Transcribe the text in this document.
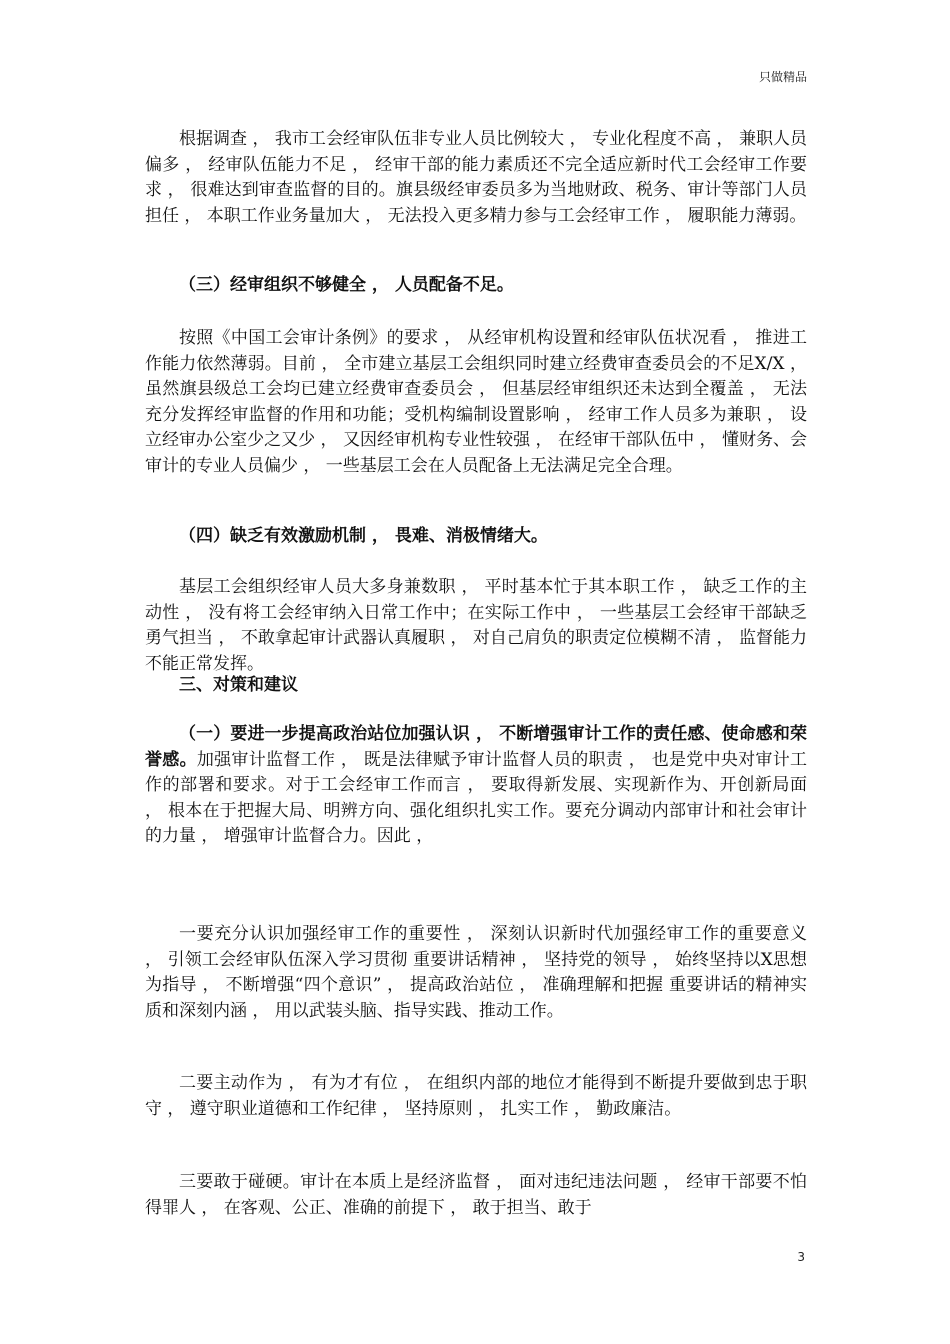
只做精品

根据调查 ， 我市工会经审队伍非专业人员比例较大 ， 专业化程度不高 ， 兼职人员偏多 ， 经审队伍能力不足 ， 经审干部的能力素质还不完全适应新时代工会经审工作要求 ， 很难达到审查监督的目的。旗县级经审委员多为当地财政、税务、审计等部门人员担任 ， 本职工作业务量加大 ， 无法投入更多精力参与工会经审工作 ， 履职能力薄弱。

（三）经审组织不够健全 ， 人员配备不足。

按照《中国工会审计条例》的要求 ， 从经审机构设置和经审队伍状况看 ， 推进工作能力依然薄弱。目前 ， 全市建立基层工会组织同时建立经费审查委员会的不足X/X ， 虽然旗县级总工会均已建立经费审查委员会 ， 但基层经审组织还未达到全覆盖 ， 无法充分发挥经审监督的作用和功能；受机构编制设置影响 ， 经审工作人员多为兼职 ， 设立经审办公室少之又少 ， 又因经审机构专业性较强 ， 在经审干部队伍中 ， 懂财务、会审计的专业人员偏少 ， 一些基层工会在人员配备上无法满足完全合理。

（四）缺乏有效激励机制 ， 畏难、消极情绪大。

基层工会组织经审人员大多身兼数职 ， 平时基本忙于其本职工作 ， 缺乏工作的主动性 ， 没有将工会经审纳入日常工作中；在实际工作中 ， 一些基层工会经审干部缺乏勇气担当 ， 不敢拿起审计武器认真履职 ， 对自己肩负的职责定位模糊不清 ， 监督能力不能正常发挥。

三、对策和建议

（一）要进一步提高政治站位加强认识 ， 不断增强审计工作的责任感、使命感和荣誉感。加强审计监督工作 ， 既是法律赋予审计监督人员的职责 ， 也是党中央对审计工作的部署和要求。对于工会经审工作而言 ， 要取得新发展、实现新作为、开创新局面 ， 根本在于把握大局、明辨方向、强化组织扎实工作。要充分调动内部审计和社会审计的力量 ， 增强审计监督合力。因此 ，

一要充分认识加强经审工作的重要性 ， 深刻认识新时代加强经审工作的重要意义 ， 引领工会经审队伍深入学习贯彻 重要讲话精神 ， 坚持党的领导 ， 始终坚持以X思想为指导 ， 不断增强“四个意识” ， 提高政治站位 ， 准确理解和把握 重要讲话的精神实质和深刻内涵 ， 用以武装头脑、指导实践、推动工作。

二要主动作为 ， 有为才有位 ， 在组织内部的地位才能得到不断提升要做到忠于职守 ， 遵守职业道德和工作纪律 ， 坚持原则 ， 扎实工作 ， 勤政廉洁。

三要敢于碰硬。审计在本质上是经济监督 ， 面对违纪违法问题 ， 经审干部要不怕得罪人 ， 在客观、公正、准确的前提下 ， 敢于担当、敢于

3
